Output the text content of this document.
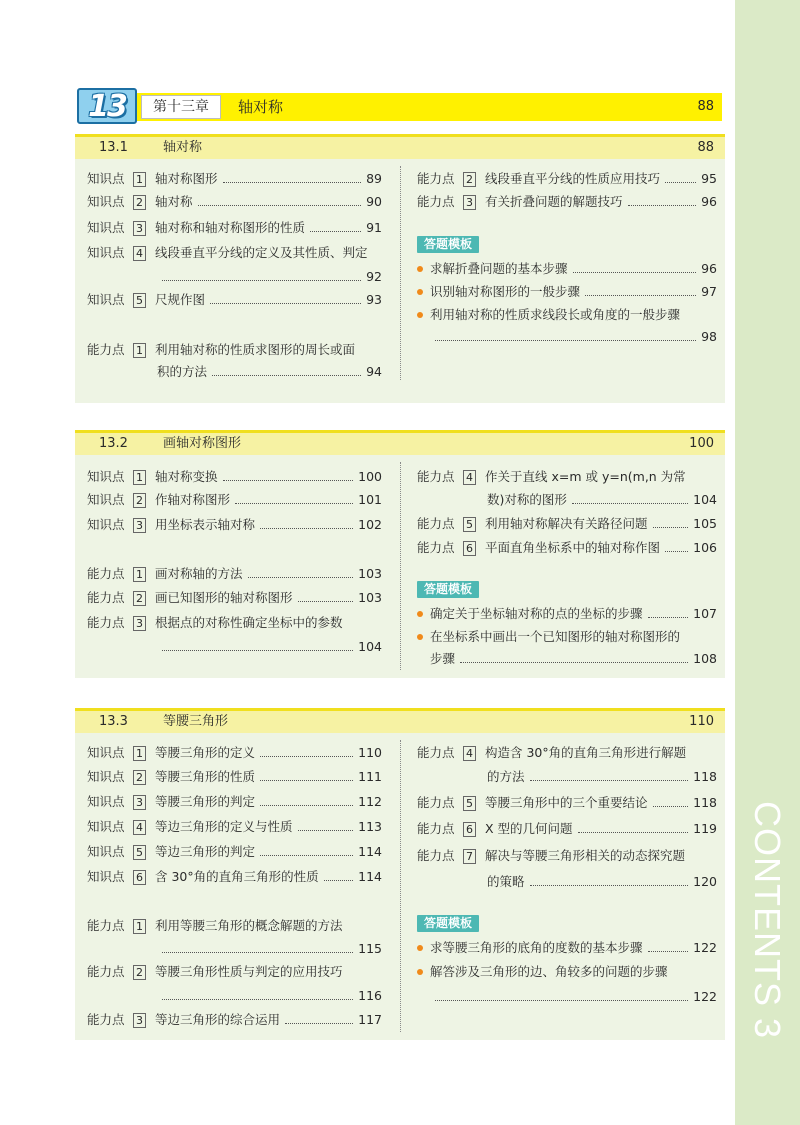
CONTENTS 3
13	第十三章	轴对称	88
13.1	轴对称	88
知识点	1 轴对称图形	89
知识点	2 轴对称	90
知识点	3 轴对称和轴对称图形的性质	91
知识点	4 线段垂直平分线的定义及其性质、判定
92
知识点	5 尺规作图	93
能力点	1 利用轴对称的性质求图形的周长或面
积的方法	94
能力点	2 线段垂直平分线的性质应用技巧	95
能力点	3 有关折叠问题的解题技巧	96
答题模板
求解折叠问题的基本步骤	96
识别轴对称图形的一般步骤	97
利用轴对称的性质求线段长或角度的一般步骤
98
13.2	画轴对称图形	100
知识点	1 轴对称变换	100
知识点	2 作轴对称图形	101
知识点	3 用坐标表示轴对称	102
能力点	1 画对称轴的方法	103
能力点	2 画已知图形的轴对称图形	103
能力点	3 根据点的对称性确定坐标中的参数
104
能力点	4 作关于直线 x=m 或 y=n(m,n 为常
数)对称的图形	104
能力点	5 利用轴对称解决有关路径问题	105
能力点	6 平面直角坐标系中的轴对称作图	106
答题模板
确定关于坐标轴对称的点的坐标的步骤	107
在坐标系中画出一个已知图形的轴对称图形的
步骤	108
13.3	等腰三角形	110
知识点	1 等腰三角形的定义	110
知识点	2 等腰三角形的性质	111
知识点	3 等腰三角形的判定	112
知识点	4 等边三角形的定义与性质	113
知识点	5 等边三角形的判定	114
知识点	6 含 30°角的直角三角形的性质	114
能力点	1 利用等腰三角形的概念解题的方法
115
能力点	2 等腰三角形性质与判定的应用技巧
116
能力点	3 等边三角形的综合运用	117
能力点	4 构造含 30°角的直角三角形进行解题
的方法	118
能力点	5 等腰三角形中的三个重要结论	118
能力点	6 X 型的几何问题	119
能力点	7 解决与等腰三角形相关的动态探究题
的策略	120
答题模板
求等腰三角形的底角的度数的基本步骤	122
解答涉及三角形的边、角较多的问题的步骤
122
